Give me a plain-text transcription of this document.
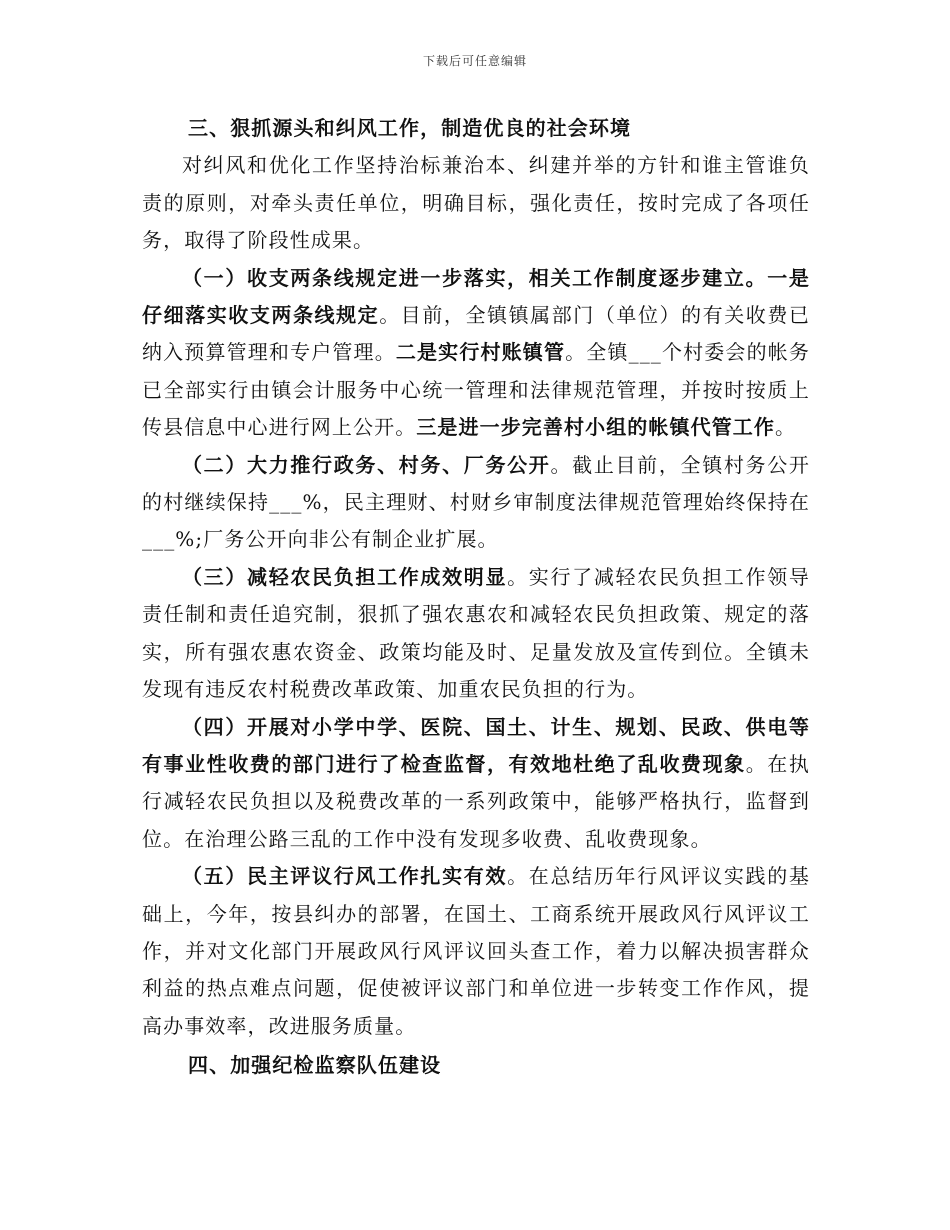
下载后可任意编辑

三、狠抓源头和纠风工作，制造优良的社会环境

对纠风和优化工作坚持治标兼治本、纠建并举的方针和谁主管谁负责的原则，对牵头责任单位，明确目标，强化责任，按时完成了各项任务，取得了阶段性成果。

（一）收支两条线规定进一步落实，相关工作制度逐步建立。一是仔细落实收支两条线规定。目前，全镇镇属部门（单位）的有关收费已纳入预算管理和专户管理。二是实行村账镇管。全镇___个村委会的帐务已全部实行由镇会计服务中心统一管理和法律规范管理，并按时按质上传县信息中心进行网上公开。三是进一步完善村小组的帐镇代管工作。

（二）大力推行政务、村务、厂务公开。截止目前，全镇村务公开的村继续保持___%，民主理财、村财乡审制度法律规范管理始终保持在___%;厂务公开向非公有制企业扩展。

（三）减轻农民负担工作成效明显。实行了减轻农民负担工作领导责任制和责任追究制，狠抓了强农惠农和减轻农民负担政策、规定的落实，所有强农惠农资金、政策均能及时、足量发放及宣传到位。全镇未发现有违反农村税费改革政策、加重农民负担的行为。

（四）开展对小学中学、医院、国土、计生、规划、民政、供电等有事业性收费的部门进行了检查监督，有效地杜绝了乱收费现象。在执行减轻农民负担以及税费改革的一系列政策中，能够严格执行，监督到位。在治理公路三乱的工作中没有发现多收费、乱收费现象。

（五）民主评议行风工作扎实有效。在总结历年行风评议实践的基础上，今年，按县纠办的部署，在国土、工商系统开展政风行风评议工作，并对文化部门开展政风行风评议回头查工作，着力以解决损害群众利益的热点难点问题，促使被评议部门和单位进一步转变工作作风，提高办事效率，改进服务质量。

四、加强纪检监察队伍建设
